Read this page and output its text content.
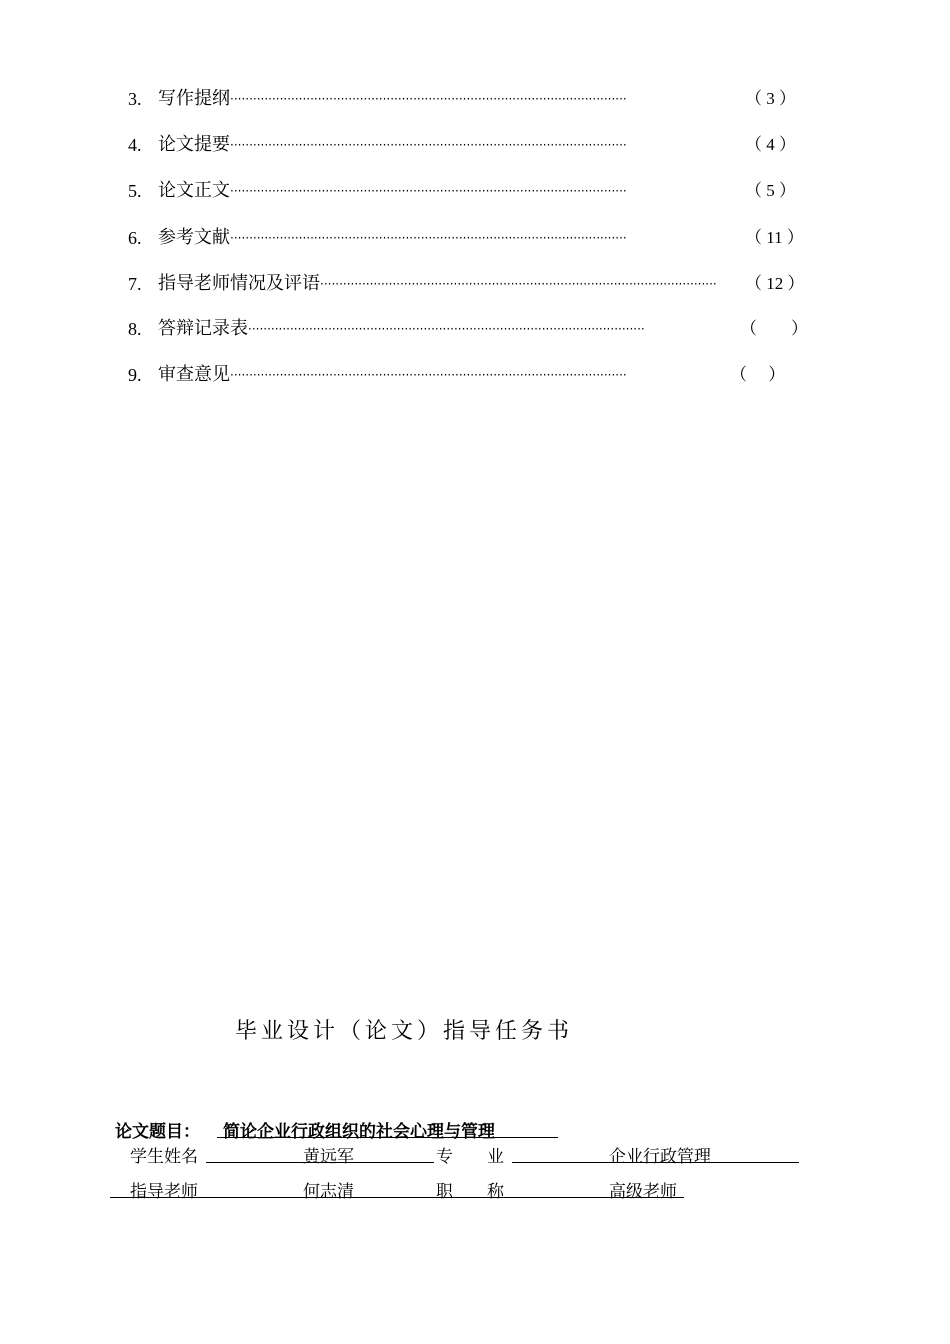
3. 写作提纲 ········································································································	（ 3 ）
4. 论文提要 ········································································································	（ 4 ）
5. 论文正文 ········································································································	（ 5 ）
6. 参考文献 ········································································································	（ 11 ）
7. 指导老师情况及评语 ········································································································	（ 12 ）
8. 答辩记录表 ········································································································	（　　）
9. 审查意见 ········································································································	（　 ）
毕业设计（论文）指导任务书
论文题目： 简论企业行政组织的社会心理与管理
学生姓名	黄远军	专　　业	企业行政管理
指导老师	何志清	职　　称	高级老师
